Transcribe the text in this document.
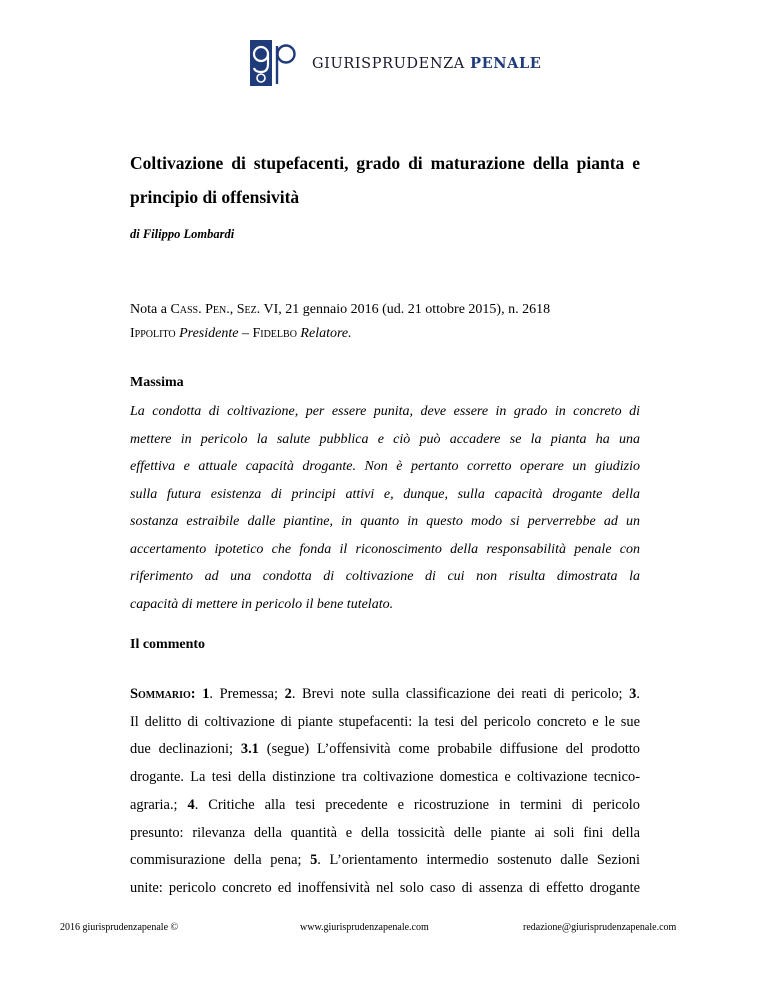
GIURISPRUDENZA PENALE
Coltivazione di stupefacenti, grado di maturazione della pianta e
principio di offensività
di Filippo Lombardi
Nota a Cass. Pen., Sez. VI, 21 gennaio 2016 (ud. 21 ottobre 2015), n. 2618
Ippolito Presidente – Fidelbo Relatore.
Massima
La condotta di coltivazione, per essere punita, deve essere in grado in concreto di
mettere in pericolo la salute pubblica e ciò può accadere se la pianta ha una
effettiva e attuale capacità drogante. Non è pertanto corretto operare un giudizio
sulla futura esistenza di principi attivi e, dunque, sulla capacità drogante della
sostanza estraibile dalle piantine, in quanto in questo modo si perverrebbe ad un
accertamento ipotetico che fonda il riconoscimento della responsabilità penale con
riferimento ad una condotta di coltivazione di cui non risulta dimostrata la
capacità di mettere in pericolo il bene tutelato.
Il commento
Sommario: 1. Premessa; 2. Brevi note sulla classificazione dei reati di pericolo; 3.
Il delitto di coltivazione di piante stupefacenti: la tesi del pericolo concreto e le sue
due declinazioni; 3.1 (segue) L’offensività come probabile diffusione del prodotto
drogante. La tesi della distinzione tra coltivazione domestica e coltivazione tecnico-
agraria.; 4. Critiche alla tesi precedente e ricostruzione in termini di pericolo
presunto: rilevanza della quantità e della tossicità delle piante ai soli fini della
commisurazione della pena; 5. L’orientamento intermedio sostenuto dalle Sezioni
unite: pericolo concreto ed inoffensività nel solo caso di assenza di effetto drogante
2016 giurisprudenzapenale ©	www.giurisprudenzapenale.com	redazione@giurisprudenzapenale.com
